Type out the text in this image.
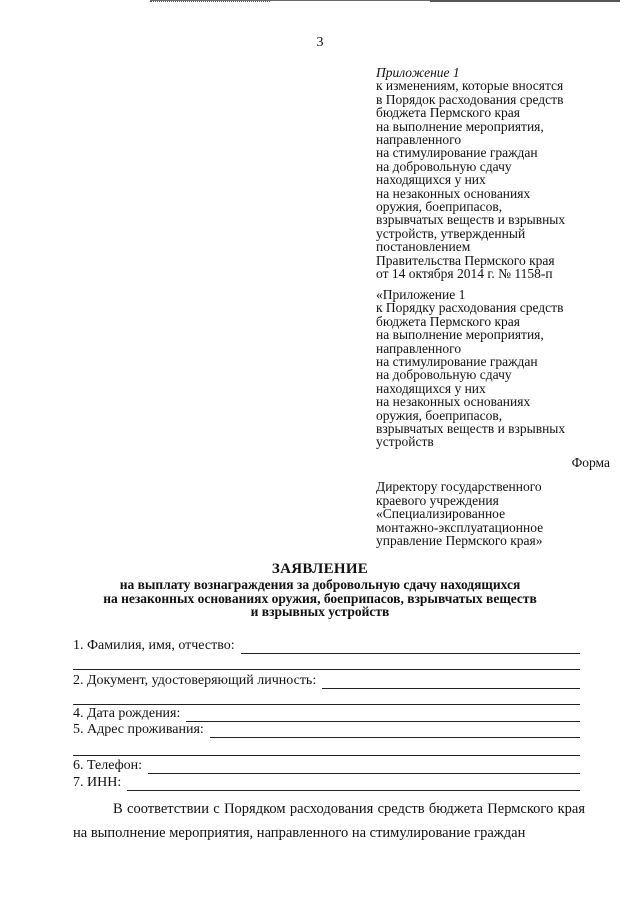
3
Приложение 1
к изменениям, которые вносятся
в Порядок расходования средств
бюджета Пермского края
на выполнение мероприятия,
направленного
на стимулирование граждан
на добровольную сдачу
находящихся у них
на незаконных основаниях
оружия, боеприпасов,
взрывчатых веществ и взрывных
устройств, утвержденный
постановлением
Правительства Пермского края
от 14 октября 2014 г. № 1158-п
«Приложение 1
к Порядку расходования средств
бюджета Пермского края
на выполнение мероприятия,
направленного
на стимулирование граждан
на добровольную сдачу
находящихся у них
на незаконных основаниях
оружия, боеприпасов,
взрывчатых веществ и взрывных
устройств
Форма
Директору государственного
краевого учреждения
«Специализированное
монтажно-эксплуатационное
управление Пермского края»
ЗАЯВЛЕНИЕ
на выплату вознаграждения за добровольную сдачу находящихся
на незаконных основаниях оружия, боеприпасов, взрывчатых веществ
и взрывных устройств
1. Фамилия, имя, отчество:
2. Документ, удостоверяющий личность:
4. Дата рождения:
5. Адрес проживания:
6. Телефон:
7. ИНН:
В соответствии с Порядком расходования средств бюджета Пермского края на выполнение мероприятия, направленного на стимулирование граждан
